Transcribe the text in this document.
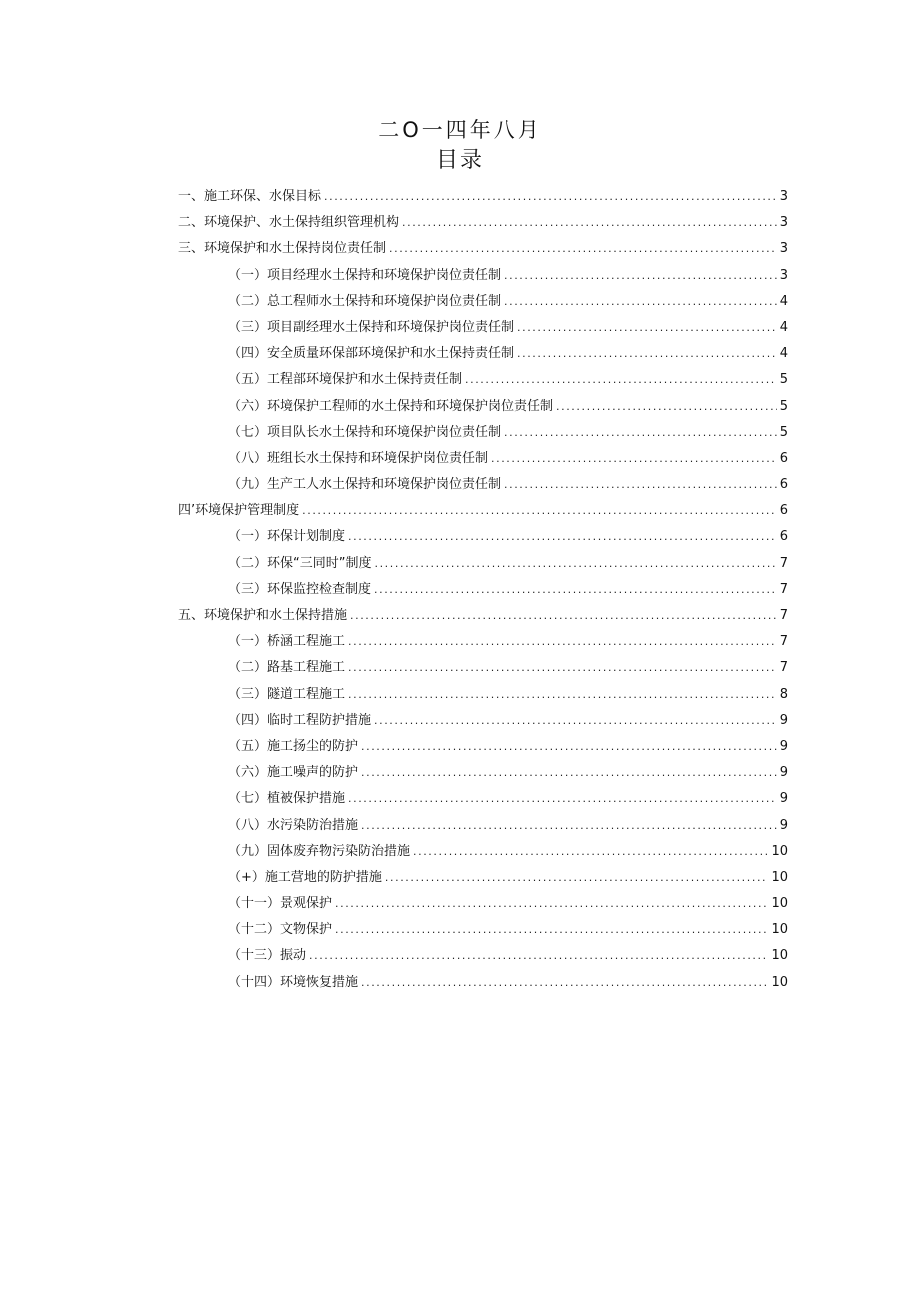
二O一四年八月
目录
一、施工环保、水保目标 .....	3
二、环境保护、水土保持组织管理机构 .....	3
三、环境保护和水土保持岗位责任制 .....	3
（一）项目经理水土保持和环境保护岗位责任制 .....	3
（二）总工程师水土保持和环境保护岗位责任制 .....	4
（三）项目副经理水土保持和环境保护岗位责任制 .....	4
（四）安全质量环保部环境保护和水土保持责任制 .....	4
（五）工程部环境保护和水土保持责任制 .....	5
（六）环境保护工程师的水土保持和环境保护岗位责任制 .....	5
（七）项目队长水土保持和环境保护岗位责任制 .....	5
（八）班组长水土保持和环境保护岗位责任制 .....	6
（九）生产工人水土保持和环境保护岗位责任制 .....	6
四’环境保护管理制度 .....	6
（一）环保计划制度 .....	6
（二）环保“三同时”制度 .....	7
（三）环保监控检查制度 .....	7
五、环境保护和水土保持措施 .....	7
（一）桥涵工程施工 .....	7
（二）路基工程施工 .....	7
（三）隧道工程施工 .....	8
（四）临时工程防护措施 .....	9
（五）施工扬尘的防护 .....	9
（六）施工噪声的防护 .....	9
（七）植被保护措施 .....	9
（八）水污染防治措施 .....	9
（九）固体废弃物污染防治措施 .....	10
（+）施工营地的防护措施 .....	10
（十一）景观保护 .....	10
（十二）文物保护 .....	10
（十三）振动 .....	10
（十四）环境恢复措施 .....	10
